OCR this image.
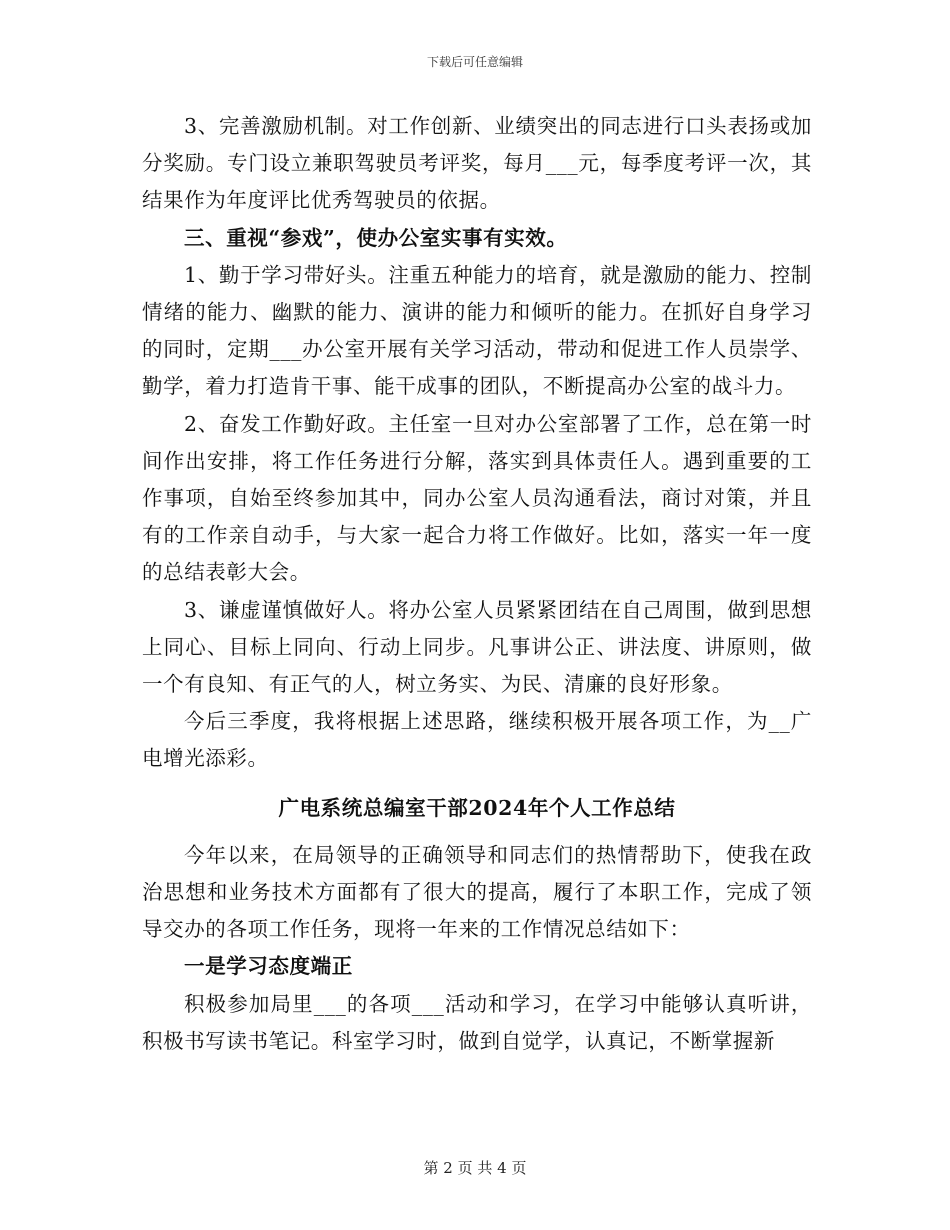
下载后可任意编辑

3、完善激励机制。对工作创新、业绩突出的同志进行口头表扬或加分奖励。专门设立兼职驾驶员考评奖，每月___元，每季度考评一次，其结果作为年度评比优秀驾驶员的依据。

三、重视“参戏”，使办公室实事有实效。

1、勤于学习带好头。注重五种能力的培育，就是激励的能力、控制情绪的能力、幽默的能力、演讲的能力和倾听的能力。在抓好自身学习的同时，定期___办公室开展有关学习活动，带动和促进工作人员崇学、勤学，着力打造肯干事、能干成事的团队，不断提高办公室的战斗力。

2、奋发工作勤好政。主任室一旦对办公室部署了工作，总在第一时间作出安排，将工作任务进行分解，落实到具体责任人。遇到重要的工作事项，自始至终参加其中，同办公室人员沟通看法，商讨对策，并且有的工作亲自动手，与大家一起合力将工作做好。比如，落实一年一度的总结表彰大会。

3、谦虚谨慎做好人。将办公室人员紧紧团结在自己周围，做到思想上同心、目标上同向、行动上同步。凡事讲公正、讲法度、讲原则，做一个有良知、有正气的人，树立务实、为民、清廉的良好形象。

今后三季度，我将根据上述思路，继续积极开展各项工作，为__广电增光添彩。

广电系统总编室干部2024年个人工作总结

今年以来，在局领导的正确领导和同志们的热情帮助下，使我在政治思想和业务技术方面都有了很大的提高，履行了本职工作，完成了领导交办的各项工作任务，现将一年来的工作情况总结如下：

一是学习态度端正

积极参加局里___的各项___活动和学习，在学习中能够认真听讲，积极书写读书笔记。科室学习时，做到自觉学，认真记，不断掌握新

第 2 页 共 4 页
